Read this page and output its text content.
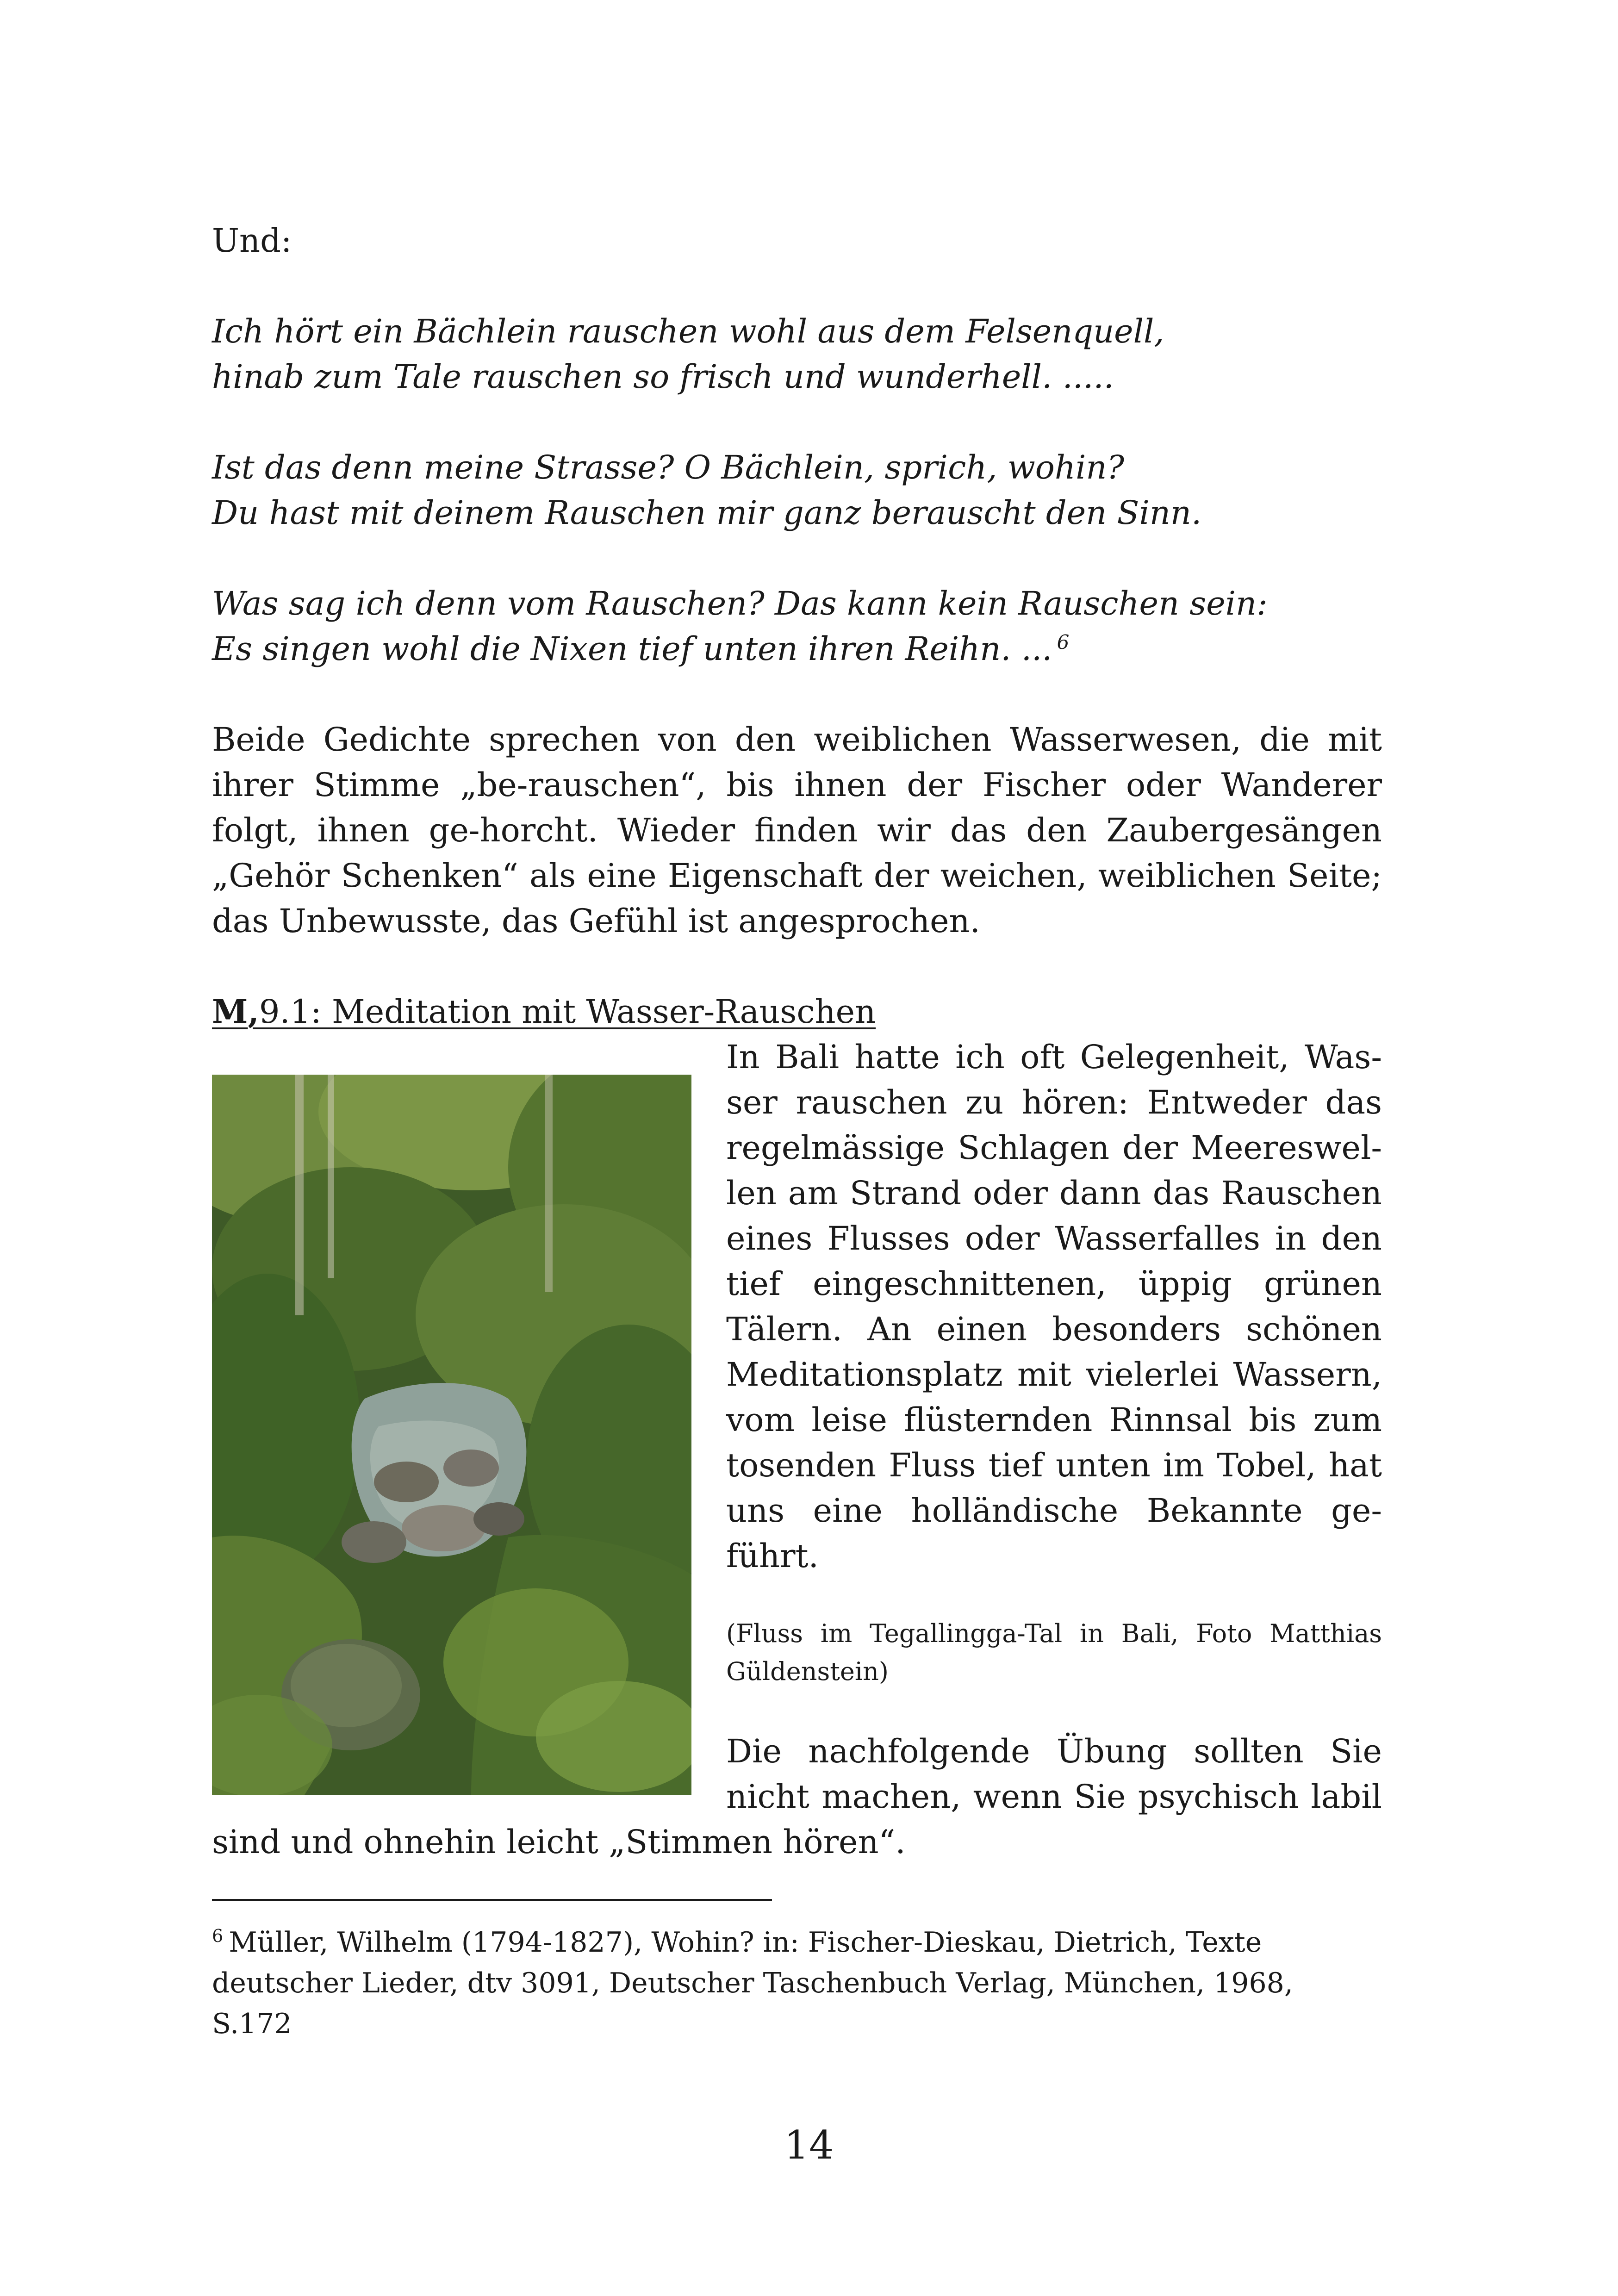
Und:
Ich hört ein Bächlein rauschen wohl aus dem Felsenquell,
hinab zum Tale rauschen so frisch und wunderhell. .....
Ist das denn meine Strasse? O Bächlein, sprich, wohin?
Du hast mit deinem Rauschen mir ganz berauscht den Sinn.
Was sag ich denn vom Rauschen? Das kann kein Rauschen sein:
Es singen wohl die Nixen tief unten ihren Reihn. ... $^6$
Beide Gedichte sprechen von den weiblichen Wasserwesen, die mit
ihrer Stimme „be-rauschen“, bis ihnen der Fischer oder Wanderer
folgt, ihnen ge-horcht. Wieder finden wir das den Zaubergesängen
„Gehör Schenken“ als eine Eigenschaft der weichen, weiblichen Seite;
das Unbewusste, das Gefühl ist angesprochen.
M,9.1: Meditation mit Wasser-Rauschen
In Bali hatte ich oft Gelegenheit, Was-
ser rauschen zu hören: Entweder das
regelmässige Schlagen der Meereswel-
len am Strand oder dann das Rauschen
eines Flusses oder Wasserfalles in den
tief eingeschnittenen, üppig grünen
Tälern. An einen besonders schönen
Meditationsplatz mit vielerlei Wassern,
vom leise flüsternden Rinnsal bis zum
tosenden Fluss tief unten im Tobel, hat
uns eine holländische Bekannte ge-
führt.
(Fluss im Tegallingga-Tal in Bali, Foto Matthias
Güldenstein)
Die nachfolgende Übung sollten Sie
nicht machen, wenn Sie psychisch labil
sind und ohnehin leicht „Stimmen hören“.
$^6$ Müller, Wilhelm (1794-1827), Wohin? in: Fischer-Dieskau, Dietrich, Texte
deutscher Lieder, dtv 3091, Deutscher Taschenbuch Verlag, München, 1968,
S.172
14
